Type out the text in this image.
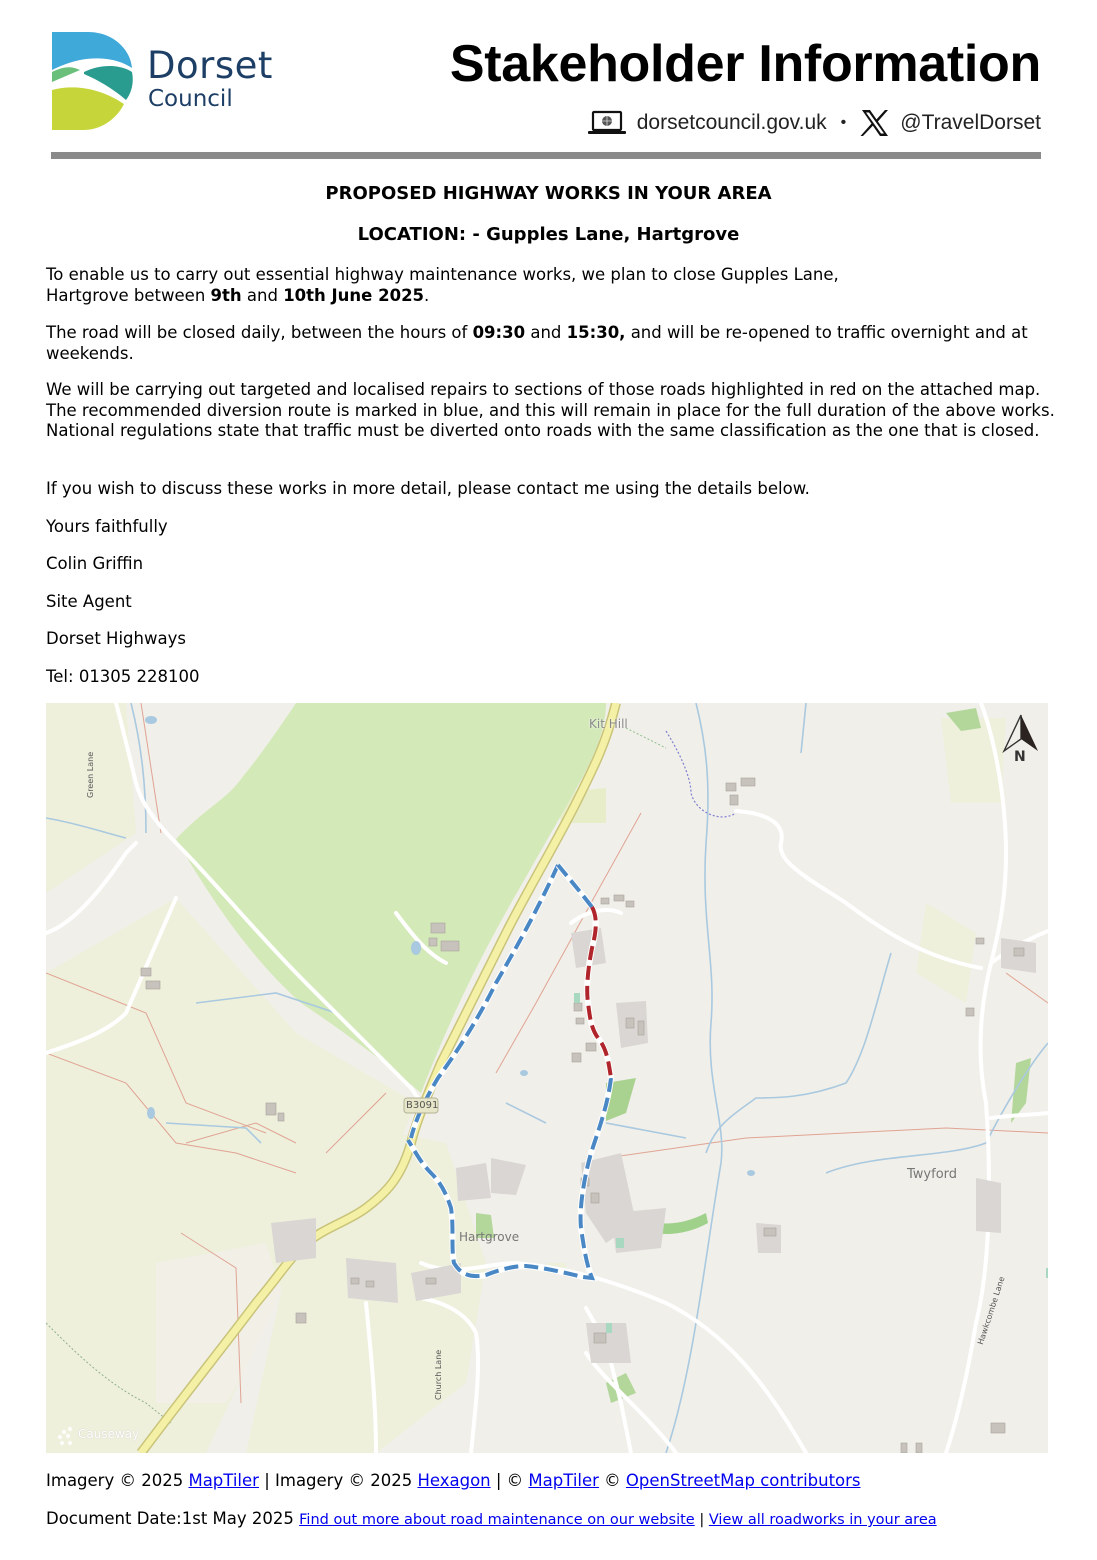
Dorset
Council
Stakeholder Information
dorsetcouncil.gov.uk •	@TravelDorset
PROPOSED HIGHWAY WORKS IN YOUR AREA
LOCATION: - Gupples Lane, Hartgrove

To enable us to carry out essential highway maintenance works, we plan to close Gupples Lane,
Hartgrove between 9th and 10th June 2025.

The road will be closed daily, between the hours of 09:30 and 15:30, and will be re-opened to traffic overnight and at weekends.

We will be carrying out targeted and localised repairs to sections of those roads highlighted in red on the attached map. The recommended diversion route is marked in blue, and this will remain in place for the full duration of the above works. National regulations state that traffic must be diverted onto roads with the same classification as the one that is closed.

If you wish to discuss these works in more detail, please contact me using the details below.
Yours faithfully
Colin Griffin
Site Agent
Dorset Highways
Tel: 01305 228100
Kit Hill
Green Lane
B3091
Hartgrove
Twyford
Church Lane
Hawkcombe Lane
N
Causeway
Imagery © 2025 MapTiler | Imagery © 2025 Hexagon | © MapTiler © OpenStreetMap contributors
Document Date:1st May 2025 Find out more about road maintenance on our website | View all roadworks in your area
